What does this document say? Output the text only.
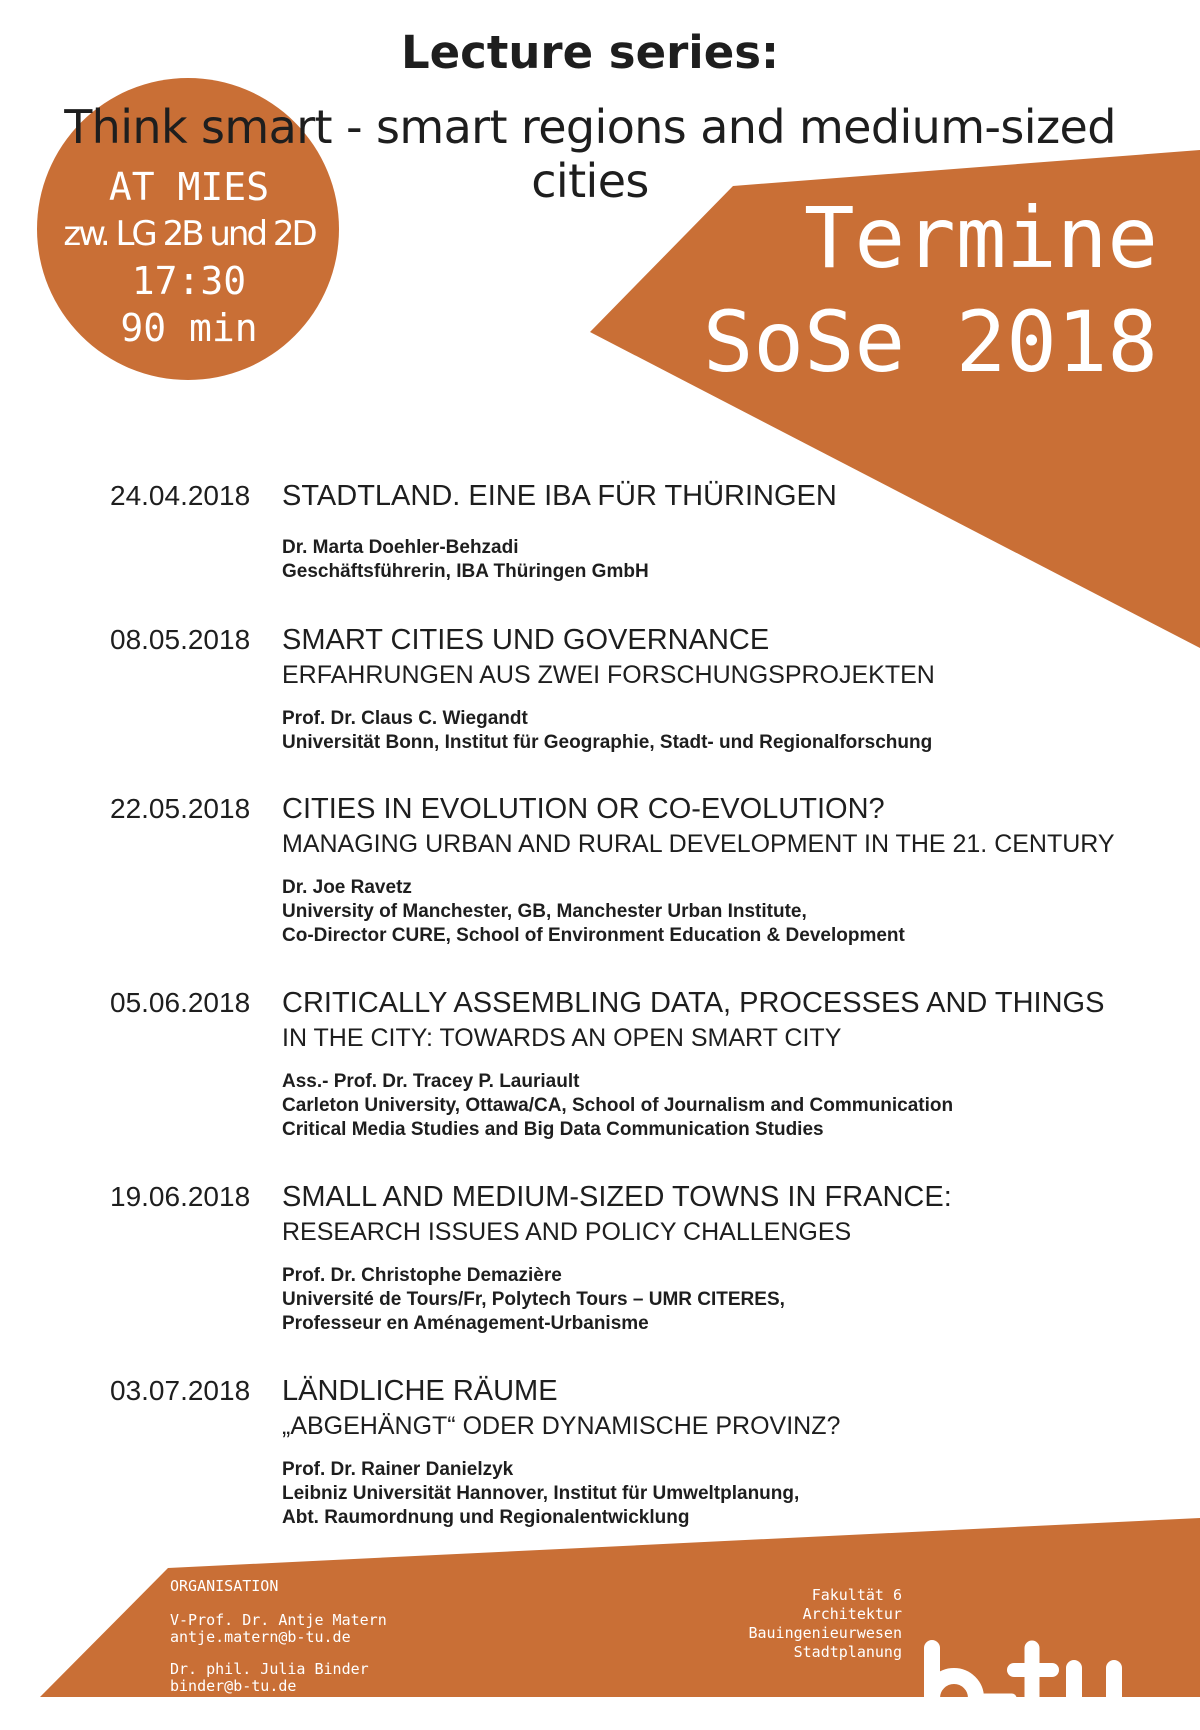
Lecture series:
Think smart - smart regions and medium-sized cities
AT MIES
zw. LG 2B und 2D
17:30
90 min
Termine
SoSe 2018
24.04.2018 STADTLAND. EINE IBA FÜR THÜRINGEN
Dr. Marta Doehler-Behzadi
Geschäftsführerin, IBA Thüringen GmbH
08.05.2018 SMART CITIES UND GOVERNANCE
ERFAHRUNGEN AUS ZWEI FORSCHUNGSPROJEKTEN
Prof. Dr. Claus C. Wiegandt
Universität Bonn, Institut für Geographie, Stadt- und Regionalforschung
22.05.2018 CITIES IN EVOLUTION OR CO-EVOLUTION?
MANAGING URBAN AND RURAL DEVELOPMENT IN THE 21. CENTURY
Dr. Joe Ravetz
University of Manchester, GB, Manchester Urban Institute,
Co-Director CURE, School of Environment Education & Development
05.06.2018 CRITICALLY ASSEMBLING DATA, PROCESSES AND THINGS
IN THE CITY: TOWARDS AN OPEN SMART CITY
Ass.- Prof. Dr. Tracey P. Lauriault
Carleton University, Ottawa/CA, School of Journalism and Communication
Critical Media Studies and Big Data Communication Studies
19.06.2018 SMALL AND MEDIUM-SIZED TOWNS IN FRANCE:
RESEARCH ISSUES AND POLICY CHALLENGES
Prof. Dr. Christophe Demazière
Université de Tours/Fr, Polytech Tours – UMR CITERES,
Professeur en Aménagement-Urbanisme
03.07.2018 LÄNDLICHE RÄUME
„ABGEHÄNGT“ ODER DYNAMISCHE PROVINZ?
Prof. Dr. Rainer Danielzyk
Leibniz Universität Hannover, Institut für Umweltplanung,
Abt. Raumordnung und Regionalentwicklung
ORGANISATION
V-Prof. Dr. Antje Matern
antje.matern@b-tu.de
Dr. phil. Julia Binder
binder@b-tu.de
Fakultät 6
Architektur
Bauingenieurwesen
Stadtplanung
